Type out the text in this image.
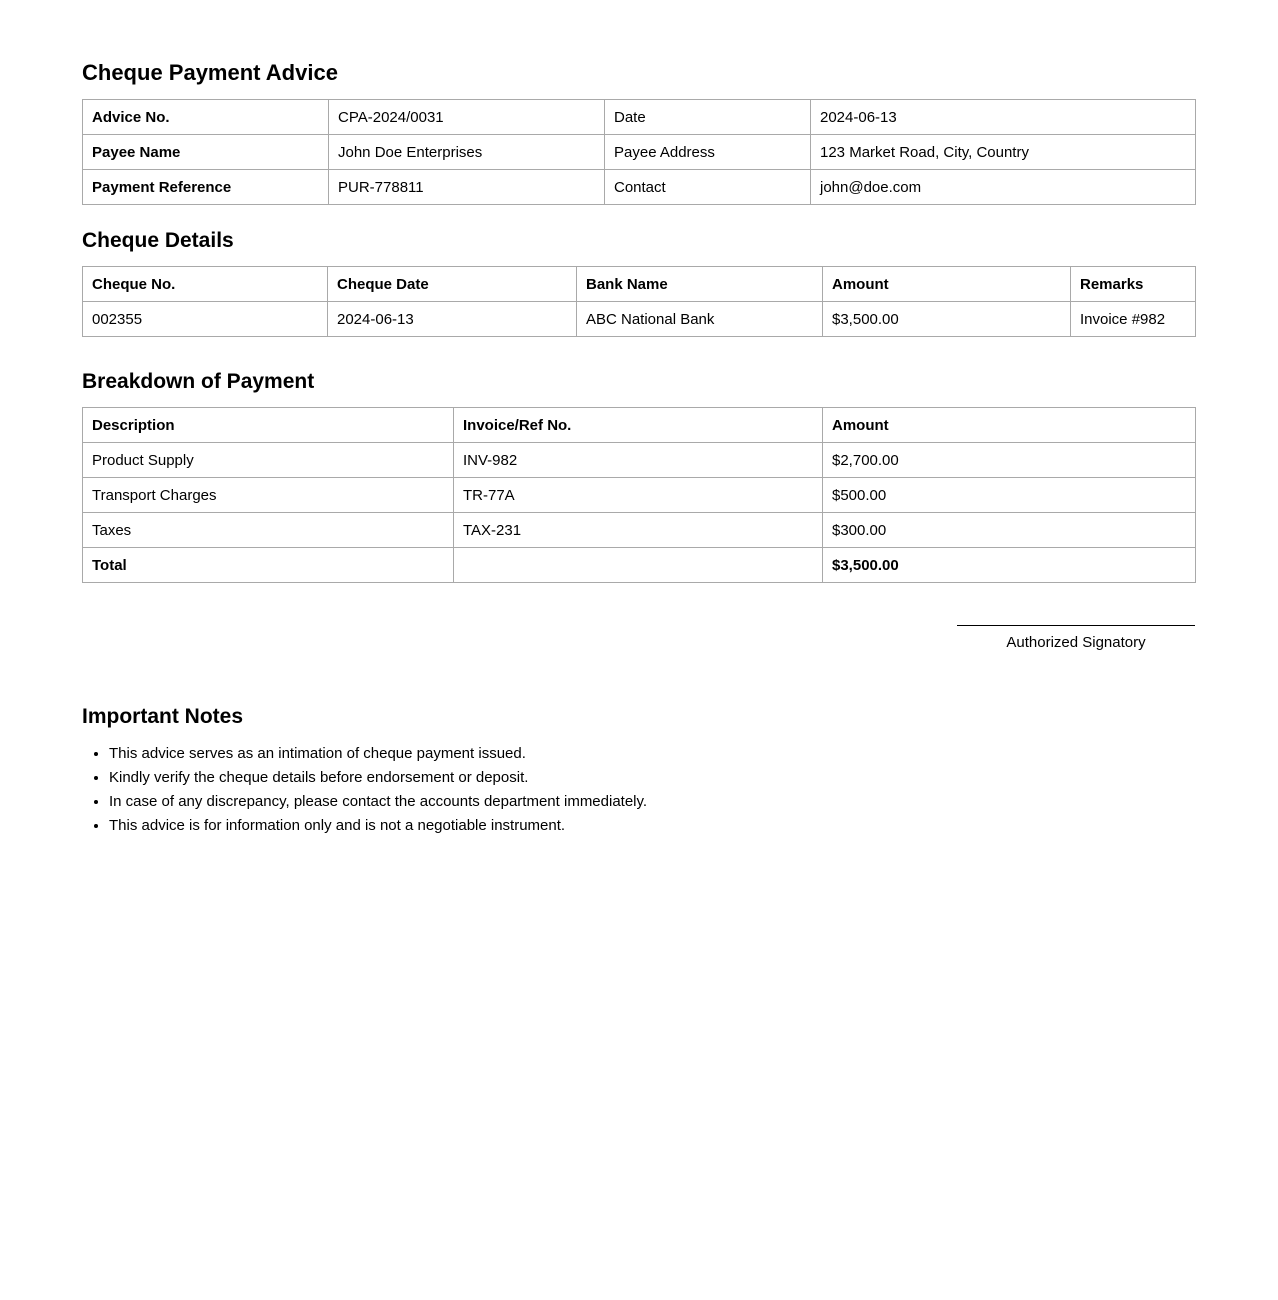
Cheque Payment Advice
Advice No.	CPA-2024/0031	Date	2024-06-13
Payee Name	John Doe Enterprises	Payee Address	123 Market Road, City, Country
Payment Reference	PUR-778811	Contact	john@doe.com
Cheque Details
Cheque No.	Cheque Date	Bank Name	Amount	Remarks
002355	2024-06-13	ABC National Bank	$3,500.00	Invoice #982
Breakdown of Payment
Description	Invoice/Ref No.	Amount
Product Supply	INV-982	$2,700.00
Transport Charges	TR-77A	$500.00
Taxes	TAX-231	$300.00
Total		$3,500.00
Authorized Signatory
Important Notes
• This advice serves as an intimation of cheque payment issued.
• Kindly verify the cheque details before endorsement or deposit.
• In case of any discrepancy, please contact the accounts department immediately.
• This advice is for information only and is not a negotiable instrument.
